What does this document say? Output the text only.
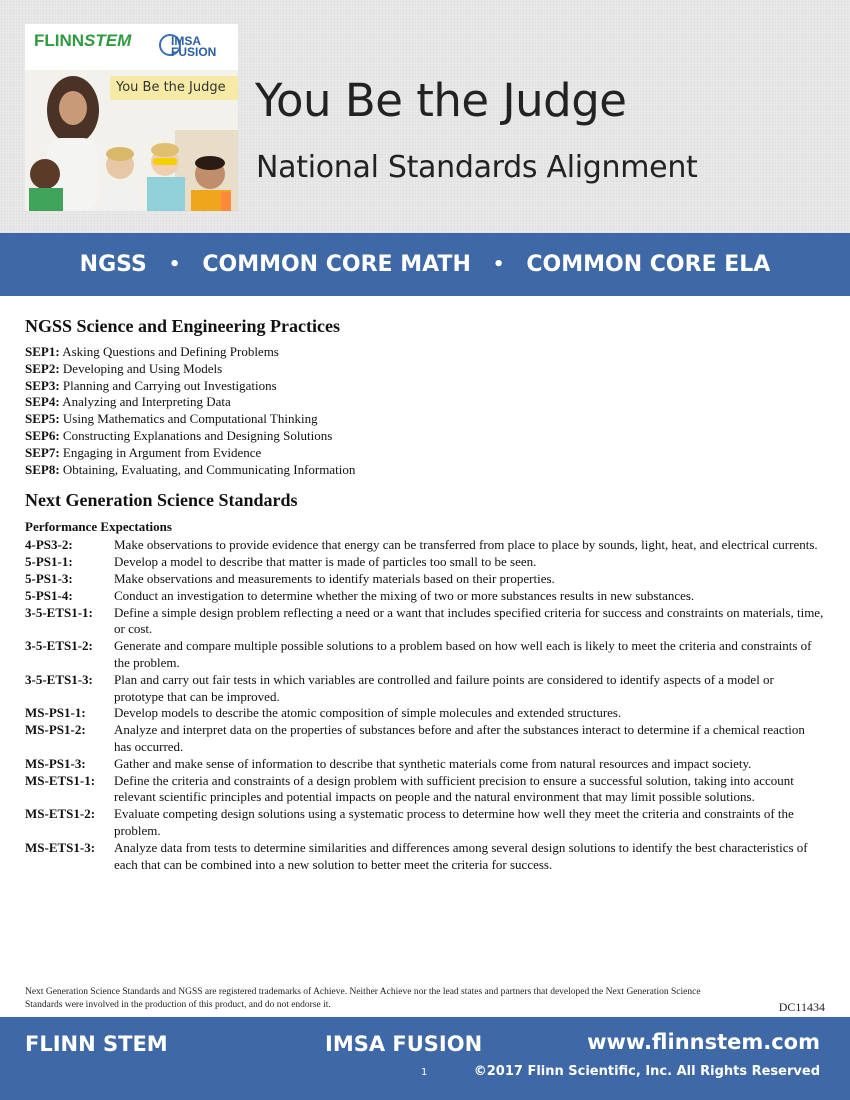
FLINNSTEM	IMSA
FUSION
You Be the Judge You Be the Judge
National Standards Alignment
NGSS • COMMON CORE MATH • COMMON CORE ELA
NGSS Science and Engineering Practices
SEP1: Asking Questions and Defining Problems
SEP2: Developing and Using Models
SEP3: Planning and Carrying out Investigations
SEP4: Analyzing and Interpreting Data
SEP5: Using Mathematics and Computational Thinking
SEP6: Constructing Explanations and Designing Solutions
SEP7: Engaging in Argument from Evidence
SEP8: Obtaining, Evaluating, and Communicating Information
Next Generation Science Standards
Performance Expectations
4-PS3-2:	Make observations to provide evidence that energy can be transferred from place to place by sounds, light, heat, and electrical currents.
5-PS1-1:	Develop a model to describe that matter is made of particles too small to be seen.
5-PS1-3:	Make observations and measurements to identify materials based on their properties.
5-PS1-4:	Conduct an investigation to determine whether the mixing of two or more substances results in new substances.
3-5-ETS1-1:	Define a simple design problem reflecting a need or a want that includes specified criteria for success and constraints on materials, time, or cost.
3-5-ETS1-2:	Generate and compare multiple possible solutions to a problem based on how well each is likely to meet the criteria and constraints of the problem.
3-5-ETS1-3:	Plan and carry out fair tests in which variables are controlled and failure points are considered to identify aspects of a model or prototype that can be improved.
MS-PS1-1:	Develop models to describe the atomic composition of simple molecules and extended structures.
MS-PS1-2:	Analyze and interpret data on the properties of substances before and after the substances interact to determine if a chemical reaction has occurred.
MS-PS1-3:	Gather and make sense of information to describe that synthetic materials come from natural resources and impact society.
MS-ETS1-1:	Define the criteria and constraints of a design problem with sufficient precision to ensure a successful solution, taking into account relevant scientific principles and potential impacts on people and the natural environment that may limit possible solutions.
MS-ETS1-2:	Evaluate competing design solutions using a systematic process to determine how well they meet the criteria and constraints of the problem.
MS-ETS1-3:	Analyze data from tests to determine similarities and differences among several design solutions to identify the best characteristics of each that can be combined into a new solution to better meet the criteria for success.
Next Generation Science Standards and NGSS are registered trademarks of Achieve. Neither Achieve nor the lead states and partners that developed the Next Generation Science Standards were involved in the production of this product, and do not endorse it.	DC11434
FLINN STEM	IMSA FUSION	www.flinnstem.com
1	©2017 Flinn Scientific, Inc. All Rights Reserved
